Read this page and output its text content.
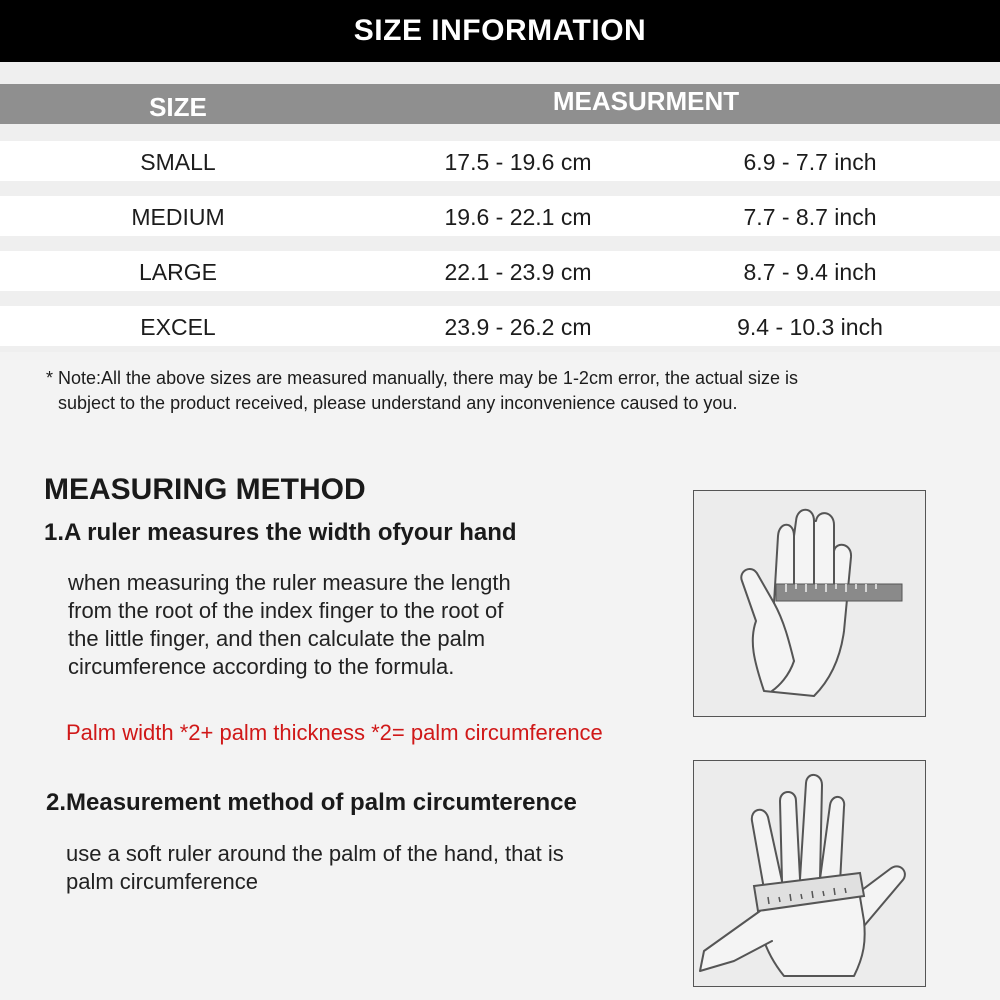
SIZE INFORMATION
SIZE	MEASURMENT
SMALL	17.5 - 19.6 cm	6.9 - 7.7 inch
MEDIUM	19.6 - 22.1 cm	7.7 - 8.7 inch
LARGE	22.1 - 23.9 cm	8.7 - 9.4 inch
EXCEL	23.9 - 26.2 cm	9.4 - 10.3 inch
* Note:All the above sizes are measured manually, there may be 1-2cm error, the actual size is

subject to the product received, please understand any inconvenience caused to you.
MEASURING METHOD
1.A ruler measures the width ofyour hand
when measuring the ruler measure the length
from the root of the index finger to the root of
the little finger, and then calculate the palm
circumference according to the formula.
Palm width *2+ palm thickness *2= palm circumference
2.Measurement method of palm circumterence
use a soft ruler around the palm of the hand, that is
palm circumference
